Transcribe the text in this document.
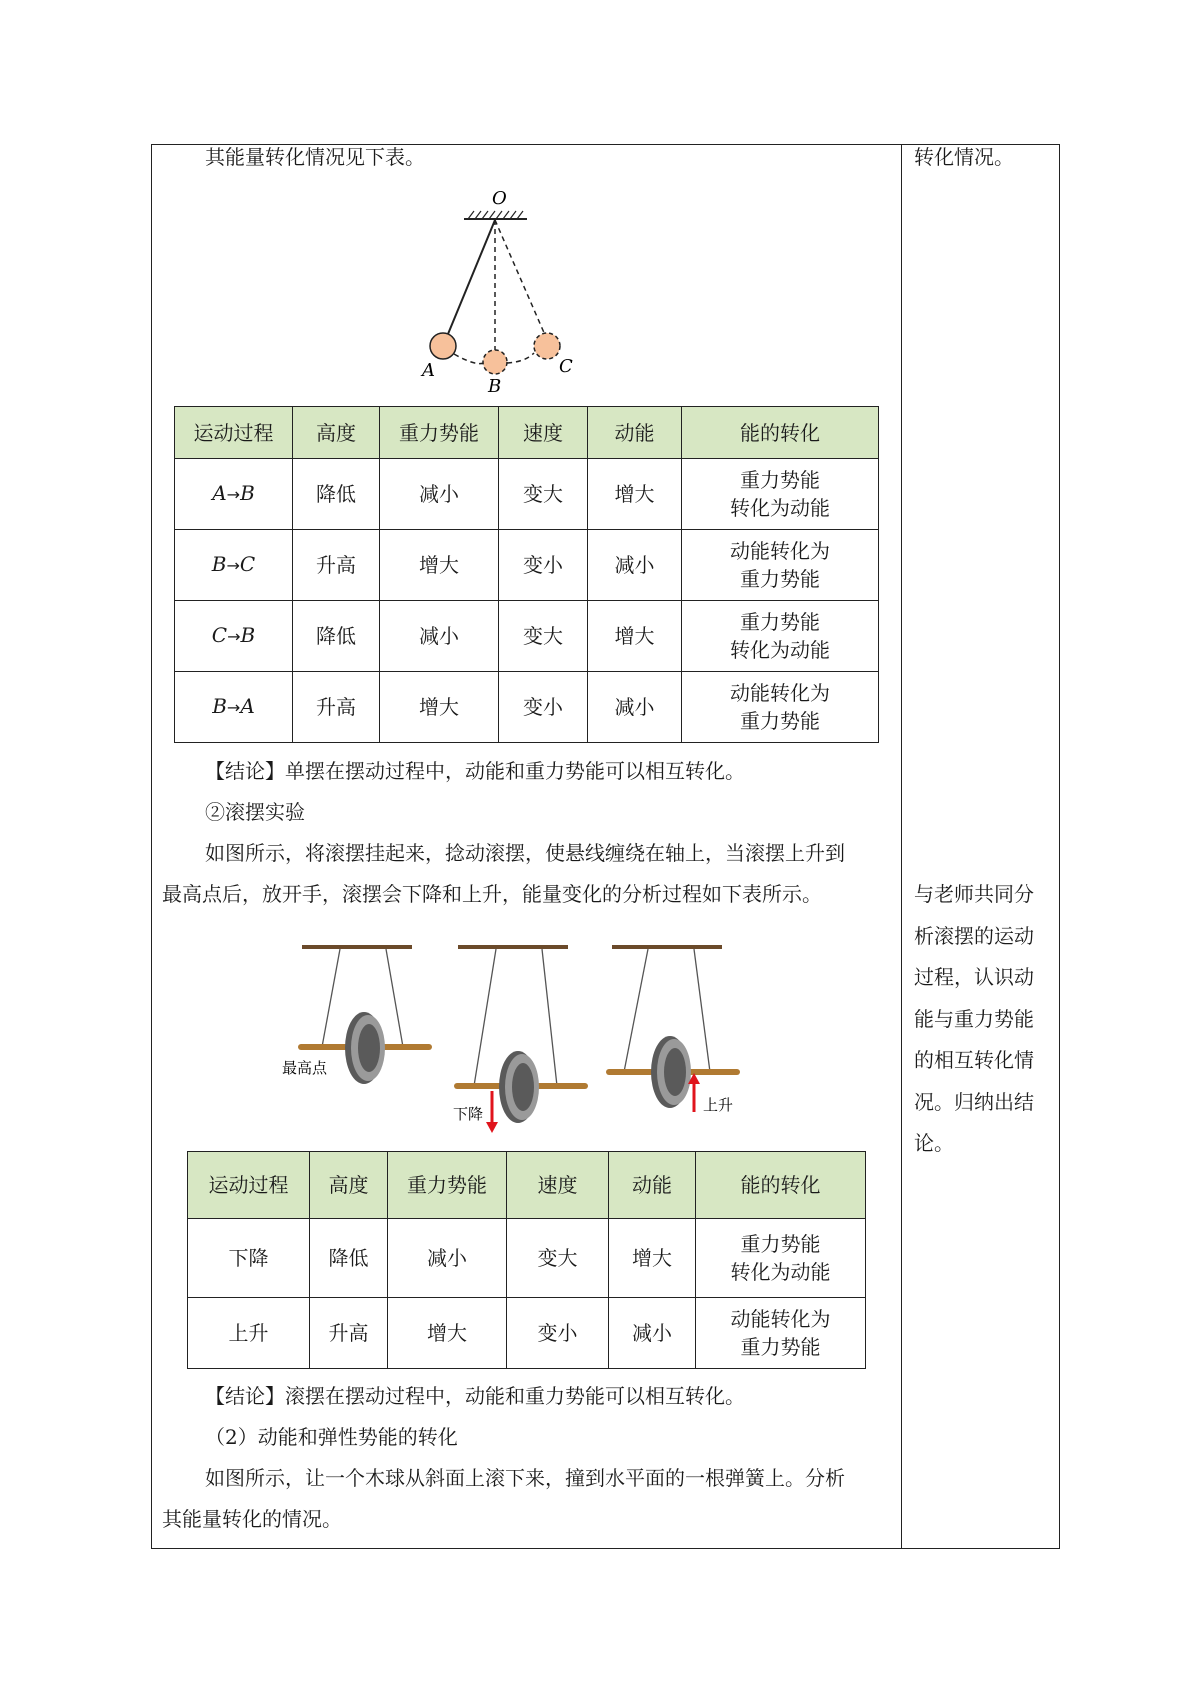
其能量转化情况见下表。	转化情况。
O
A
B
C
运动过程	高度	重力势能	速度	动能	能的转化
A→B	降低	减小	变大	增大	重力势能
转化为动能

B→C	升高	增大	变小	减小	动能转化为
重力势能

C→B	降低	减小	变大	增大	重力势能
转化为动能

B→A	升高	增大	变小	减小	动能转化为
重力势能
【结论】单摆在摆动过程中，动能和重力势能可以相互转化。
②滚摆实验
如图所示，将滚摆挂起来，捻动滚摆，使悬线缠绕在轴上，当滚摆上升到
最高点后，放开手，滚摆会下降和上升，能量变化的分析过程如下表所示。
最高点
下降	上升
运动过程	高度	重力势能	速度	动能	能的转化
下降	降低	减小	变大	增大	重力势能
转化为动能

上升	升高	增大	变小	减小	动能转化为
重力势能
【结论】滚摆在摆动过程中，动能和重力势能可以相互转化。
（2）动能和弹性势能的转化
如图所示，让一个木球从斜面上滚下来，撞到水平面的一根弹簧上。分析
其能量转化的情况。
与老师共同分
析滚摆的运动
过程，认识动
能与重力势能
的相互转化情
况。归纳出结
论。
